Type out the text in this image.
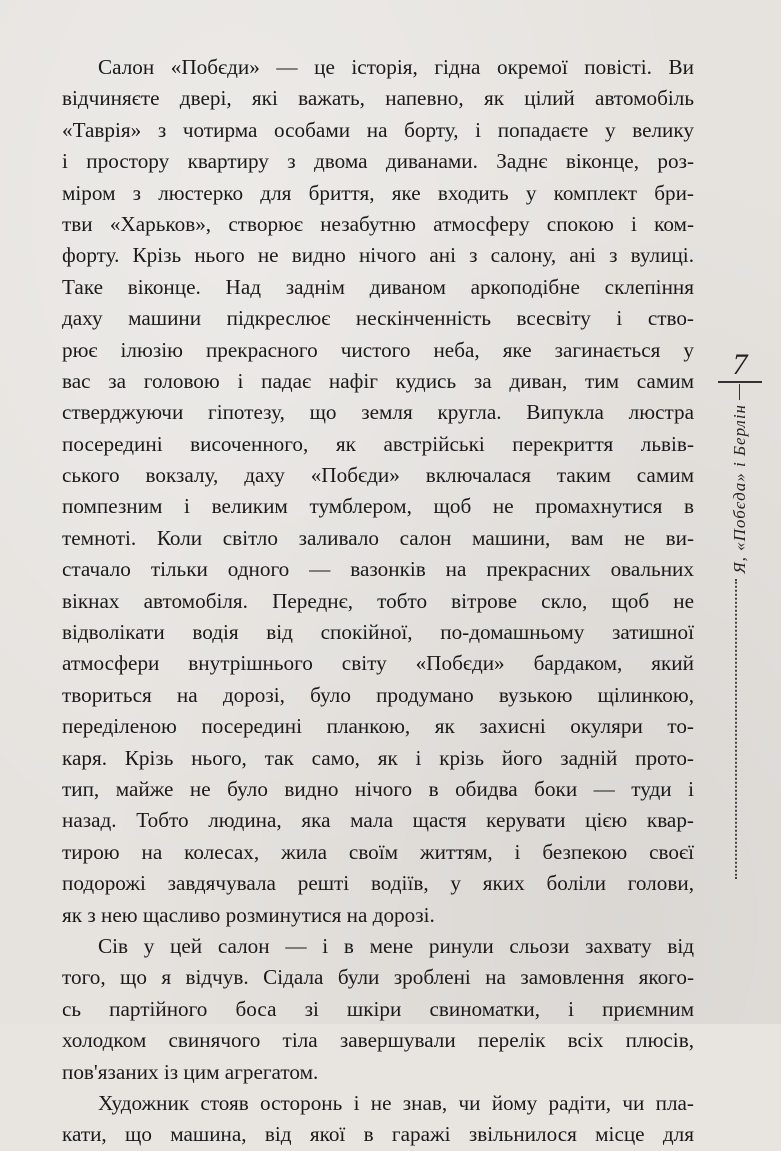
Салон «Побєди» — це історія, гідна окремої повісті. Ви
відчиняєте двері, які важать, напевно, як цілий автомобіль
«Таврія» з чотирма особами на борту, і попадаєте у велику
і простору квартиру з двома диванами. Заднє віконце, роз-
міром з люстерко для бриття, яке входить у комплект бри-
тви «Харьков», створює незабутню атмосферу спокою і ком-
форту. Крізь нього не видно нічого ані з салону, ані з вулиці.
Таке віконце. Над заднім диваном аркоподібне склепіння
даху машини підкреслює нескінченність всесвіту і ство-
рює ілюзію прекрасного чистого неба, яке загинається у
вас за головою і падає нафіг кудись за диван, тим самим
стверджуючи гіпотезу, що земля кругла. Випукла люстра
посередині височенного, як австрійські перекриття львів-
ського вокзалу, даху «Побєди» включалася таким самим
помпезним і великим тумблером, щоб не промахнутися в
темноті. Коли світло заливало салон машини, вам не ви-
стачало тільки одного — вазонків на прекрасних овальних
вікнах автомобіля. Переднє, тобто вітрове скло, щоб не
відволікати водія від спокійної, по-домашньому затишної
атмосфери внутрішнього світу «Побєди» бардаком, який
твориться на дорозі, було продумано вузькою щілинкою,
переділеною посередині планкою, як захисні окуляри то-
каря. Крізь нього, так само, як і крізь його задній прото-
тип, майже не було видно нічого в обидва боки — туди і
назад. Тобто людина, яка мала щастя керувати цією квар-
тирою на колесах, жила своїм життям, і безпекою своєї
подорожі завдячувала решті водіїв, у яких боліли голови,
як з нею щасливо розминутися на дорозі.
Сів у цей салон — і в мене ринули сльози захвату від
того, що я відчув. Сідала були зроблені на замовлення якого-
сь партійного боса зі шкіри свиноматки, і приємним
холодком свинячого тіла завершували перелік всіх плюсів,
пов'язаних із цим агрегатом.
Художник стояв осторонь і не знав, чи йому радіти, чи пла-
кати, що машина, від якої в гаражі звільнилося місце для
7
Я, «Побєда» і Берлін
